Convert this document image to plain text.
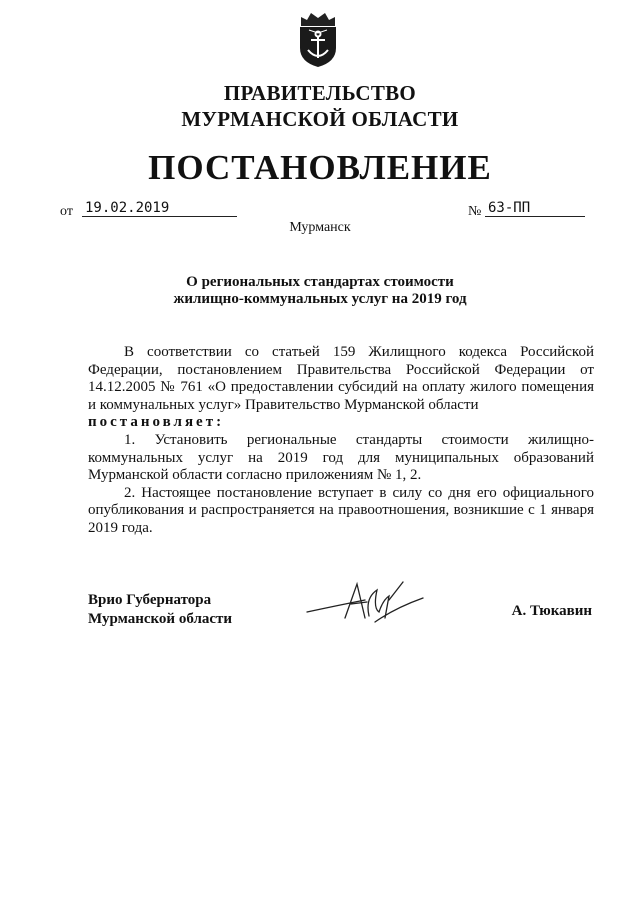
ПРАВИТЕЛЬСТВО
МУРМАНСКОЙ ОБЛАСТИ
ПОСТАНОВЛЕНИЕ
от 19.02.2019	№ 63-ПП
Мурманск
О региональных стандартах стоимости
жилищно-коммунальных услуг на 2019 год

В соответствии со статьей 159 Жилищного кодекса Российской Федерации, постановлением Правительства Российской Федерации от 14.12.2005 № 761 «О предоставлении субсидий на оплату жилого помещения и коммунальных услуг» Правительство Мурманской области

постановляет:

1. Установить региональные стандарты стоимости жилищно-коммунальных услуг на 2019 год для муниципальных образований Мурманской области согласно приложениям № 1, 2.

2. Настоящее постановление вступает в силу со дня его официального опубликования и распространяется на правоотношения, возникшие с 1 января 2019 года.

Врио Губернатора
Мурманской области	А. Тюкавин
